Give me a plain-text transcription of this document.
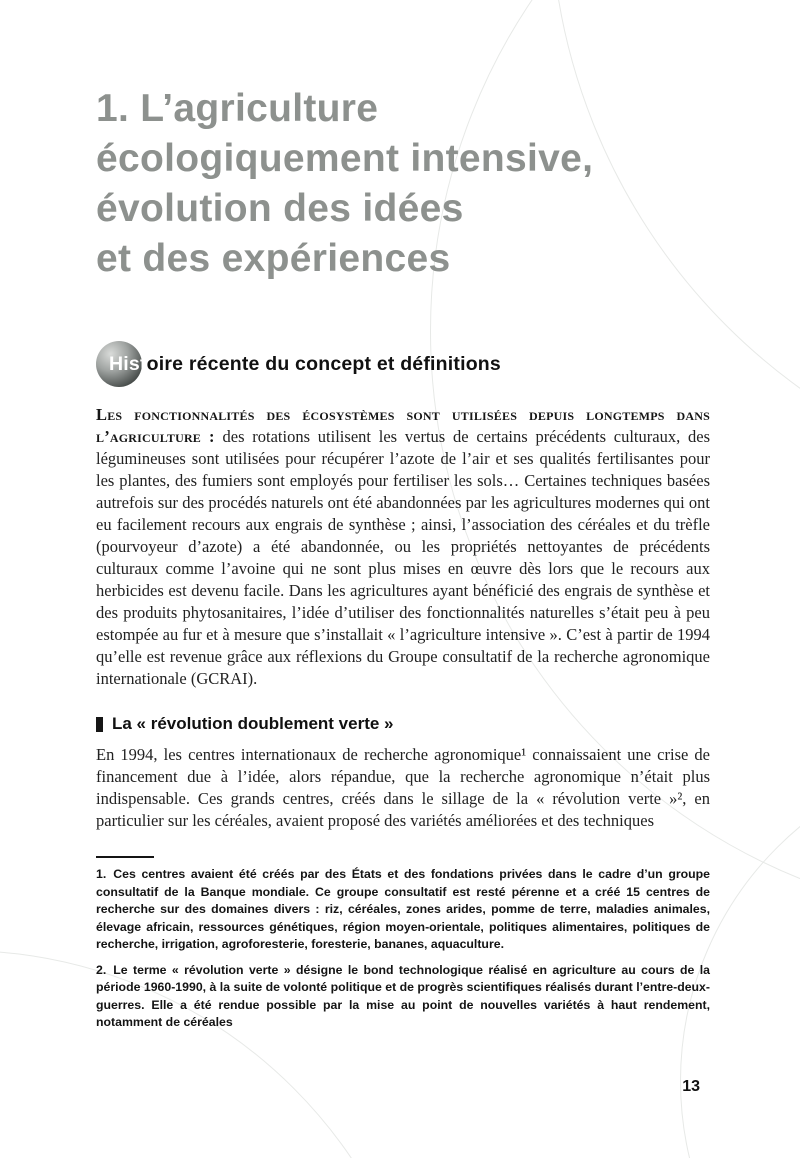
1. L’agriculture
écologiquement intensive,
évolution des idées
et des expériences
Histoire récente du concept et définitions

Les fonctionnalités des écosystèmes sont utilisées depuis longtemps dans l’agriculture : des rotations utilisent les vertus de certains précédents culturaux, des légumineuses sont utilisées pour récupérer l’azote de l’air et ses qualités fertilisantes pour les plantes, des fumiers sont employés pour fertiliser les sols… Certaines techniques basées autrefois sur des procédés naturels ont été abandonnées par les agricultures modernes qui ont eu facilement recours aux engrais de synthèse ; ainsi, l’association des céréales et du trèfle (pourvoyeur d’azote) a été abandonnée, ou les propriétés nettoyantes de précédents culturaux comme l’avoine qui ne sont plus mises en œuvre dès lors que le recours aux herbicides est devenu facile. Dans les agricultures ayant bénéficié des engrais de synthèse et des produits phytosanitaires, l’idée d’utiliser des fonctionnalités naturelles s’était peu à peu estompée au fur et à mesure que s’installait « l’agriculture intensive ». C’est à partir de 1994 qu’elle est revenue grâce aux réflexions du Groupe consultatif de la recherche agronomique internationale (GCRAI).

La « révolution doublement verte »

En 1994, les centres internationaux de recherche agronomique¹ connaissaient une crise de financement due à l’idée, alors répandue, que la recherche agronomique n’était plus indispensable. Ces grands centres, créés dans le sillage de la « révolution verte »², en particulier sur les céréales, avaient proposé des variétés améliorées et des techniques

1. Ces centres avaient été créés par des États et des fondations privées dans le cadre d’un groupe consultatif de la Banque mondiale. Ce groupe consultatif est resté pérenne et a créé 15 centres de recherche sur des domaines divers : riz, céréales, zones arides, pomme de terre, maladies animales, élevage africain, ressources génétiques, région moyen-orientale, politiques alimentaires, politiques de recherche, irrigation, agroforesterie, foresterie, bananes, aquaculture.

2. Le terme « révolution verte » désigne le bond technologique réalisé en agriculture au cours de la période 1960-1990, à la suite de volonté politique et de progrès scientifiques réalisés durant l’entre-deux-guerres. Elle a été rendue possible par la mise au point de nouvelles variétés à haut rendement, notamment de céréales

13
